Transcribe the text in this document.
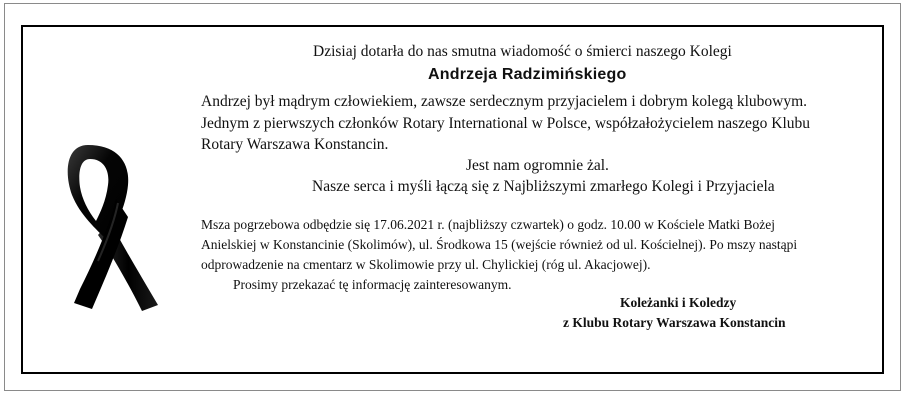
Dzisiaj dotarła do nas smutna wiadomość o śmierci naszego Kolegi
Andrzeja Radzimińskiego
Andrzej był mądrym człowiekiem, zawsze serdecznym przyjacielem i dobrym kolegą klubowym.
Jednym z pierwszych członków Rotary International w Polsce, współzałożycielem naszego Klubu
Rotary Warszawa Konstancin.
Jest nam ogromnie żal.
Nasze serca i myśli łączą się z Najbliższymi zmarłego Kolegi i Przyjaciela
Msza pogrzebowa odbędzie się 17.06.2021 r. (najbliższy czwartek) o godz. 10.00 w Kościele Matki Bożej
Anielskiej w Konstancinie (Skolimów), ul. Środkowa 15 (wejście również od ul. Kościelnej). Po mszy nastąpi
odprowadzenie na cmentarz w Skolimowie przy ul. Chylickiej (róg ul. Akacjowej).
Prosimy przekazać tę informację zainteresowanym.
Koleżanki i Koledzy
z Klubu Rotary Warszawa Konstancin
